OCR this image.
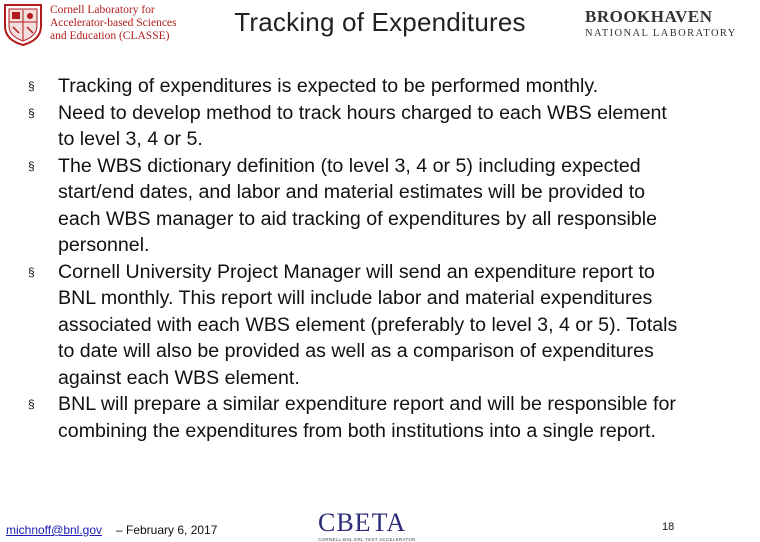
Cornell Laboratory for
Accelerator-based Sciences
and Education (CLASSE)	Tracking of Expenditures	BROOKHAVEN
NATIONAL LABORATORY
§	Tracking of expenditures is expected to be performed monthly.
§	Need to develop method to track hours charged to each WBS element to level 3, 4 or 5.
§	The WBS dictionary definition (to level 3, 4 or 5) including expected start/end dates, and labor and material estimates will be provided to each WBS manager to aid tracking of expenditures by all responsible personnel.
§	Cornell University Project Manager will send an expenditure report to BNL monthly. This report will include labor and material expenditures associated with each WBS element (preferably to level 3, 4 or 5). Totals to date will also be provided as well as a comparison of expenditures against each WBS element.
§	BNL will prepare a similar expenditure report and will be responsible for combining the expenditures from both institutions into a single report.
michnoff@bnl.gov – February 6, 2017	CBETA
CORNELL-BNL ERL TEST ACCELERATOR
18
